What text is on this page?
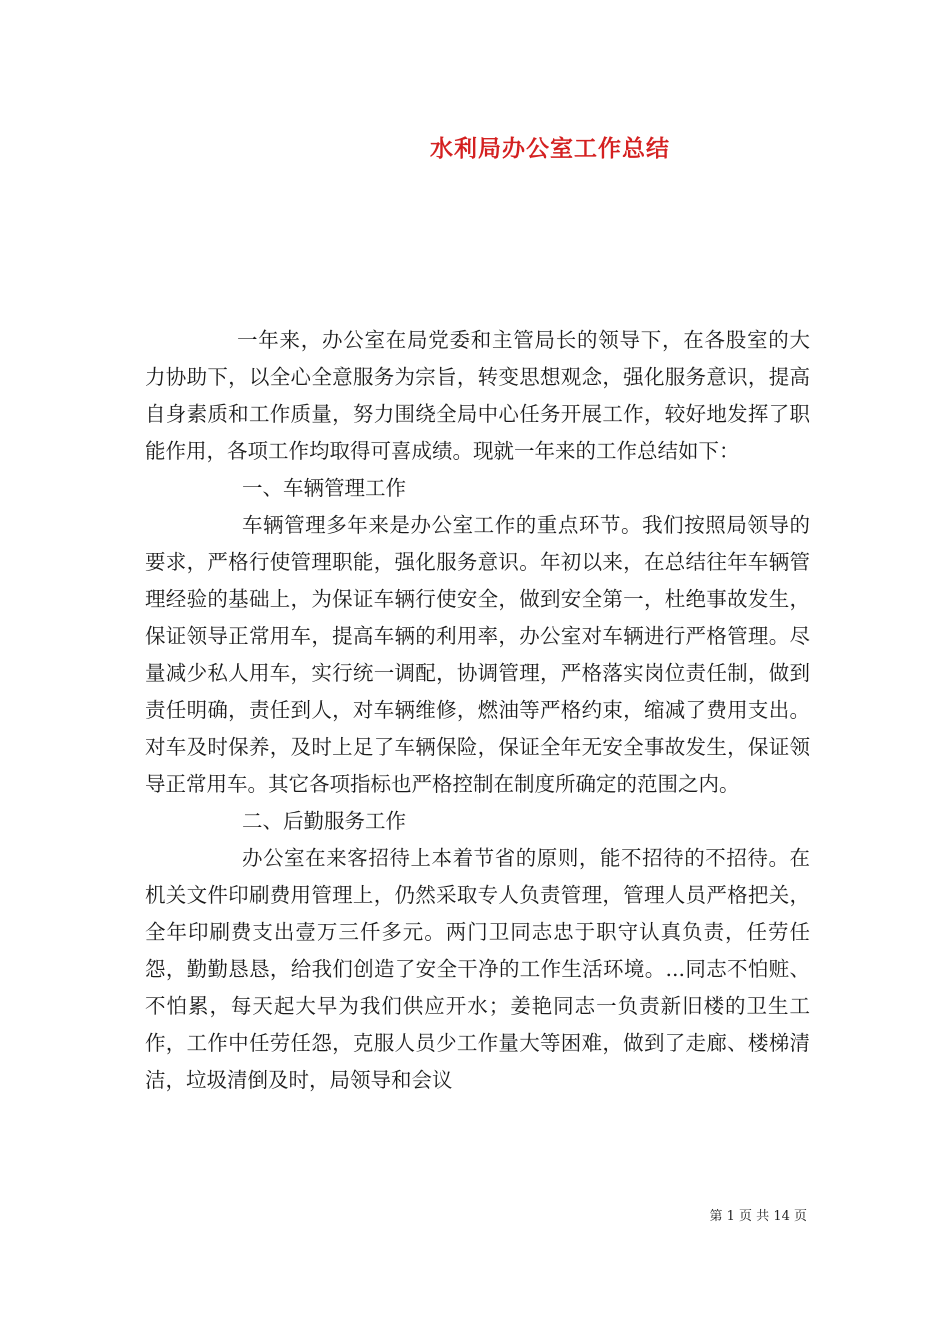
水利局办公室工作总结

一年来，办公室在局党委和主管局长的领导下，在各股室的大力协助下，以全心全意服务为宗旨，转变思想观念，强化服务意识，提高自身素质和工作质量，努力围绕全局中心任务开展工作，较好地发挥了职能作用，各项工作均取得可喜成绩。现就一年来的工作总结如下：

一、车辆管理工作

车辆管理多年来是办公室工作的重点环节。我们按照局领导的要求，严格行使管理职能，强化服务意识。年初以来，在总结往年车辆管理经验的基础上，为保证车辆行使安全，做到安全第一，杜绝事故发生，保证领导正常用车，提高车辆的利用率，办公室对车辆进行严格管理。尽量减少私人用车，实行统一调配，协调管理，严格落实岗位责任制，做到责任明确，责任到人，对车辆维修，燃油等严格约束，缩减了费用支出。对车及时保养，及时上足了车辆保险，保证全年无安全事故发生，保证领导正常用车。其它各项指标也严格控制在制度所确定的范围之内。

二、后勤服务工作

办公室在来客招待上本着节省的原则，能不招待的不招待。在机关文件印刷费用管理上，仍然采取专人负责管理，管理人员严格把关，全年印刷费支出壹万三仟多元。两门卫同志忠于职守认真负责，任劳任怨，勤勤恳恳，给我们创造了安全干净的工作生活环境。...同志不怕赃、不怕累，每天起大早为我们供应开水；姜艳同志一负责新旧楼的卫生工作，工作中任劳任怨，克服人员少工作量大等困难，做到了走廊、楼梯清洁，垃圾清倒及时，局领导和会议

第 1 页 共 14 页
